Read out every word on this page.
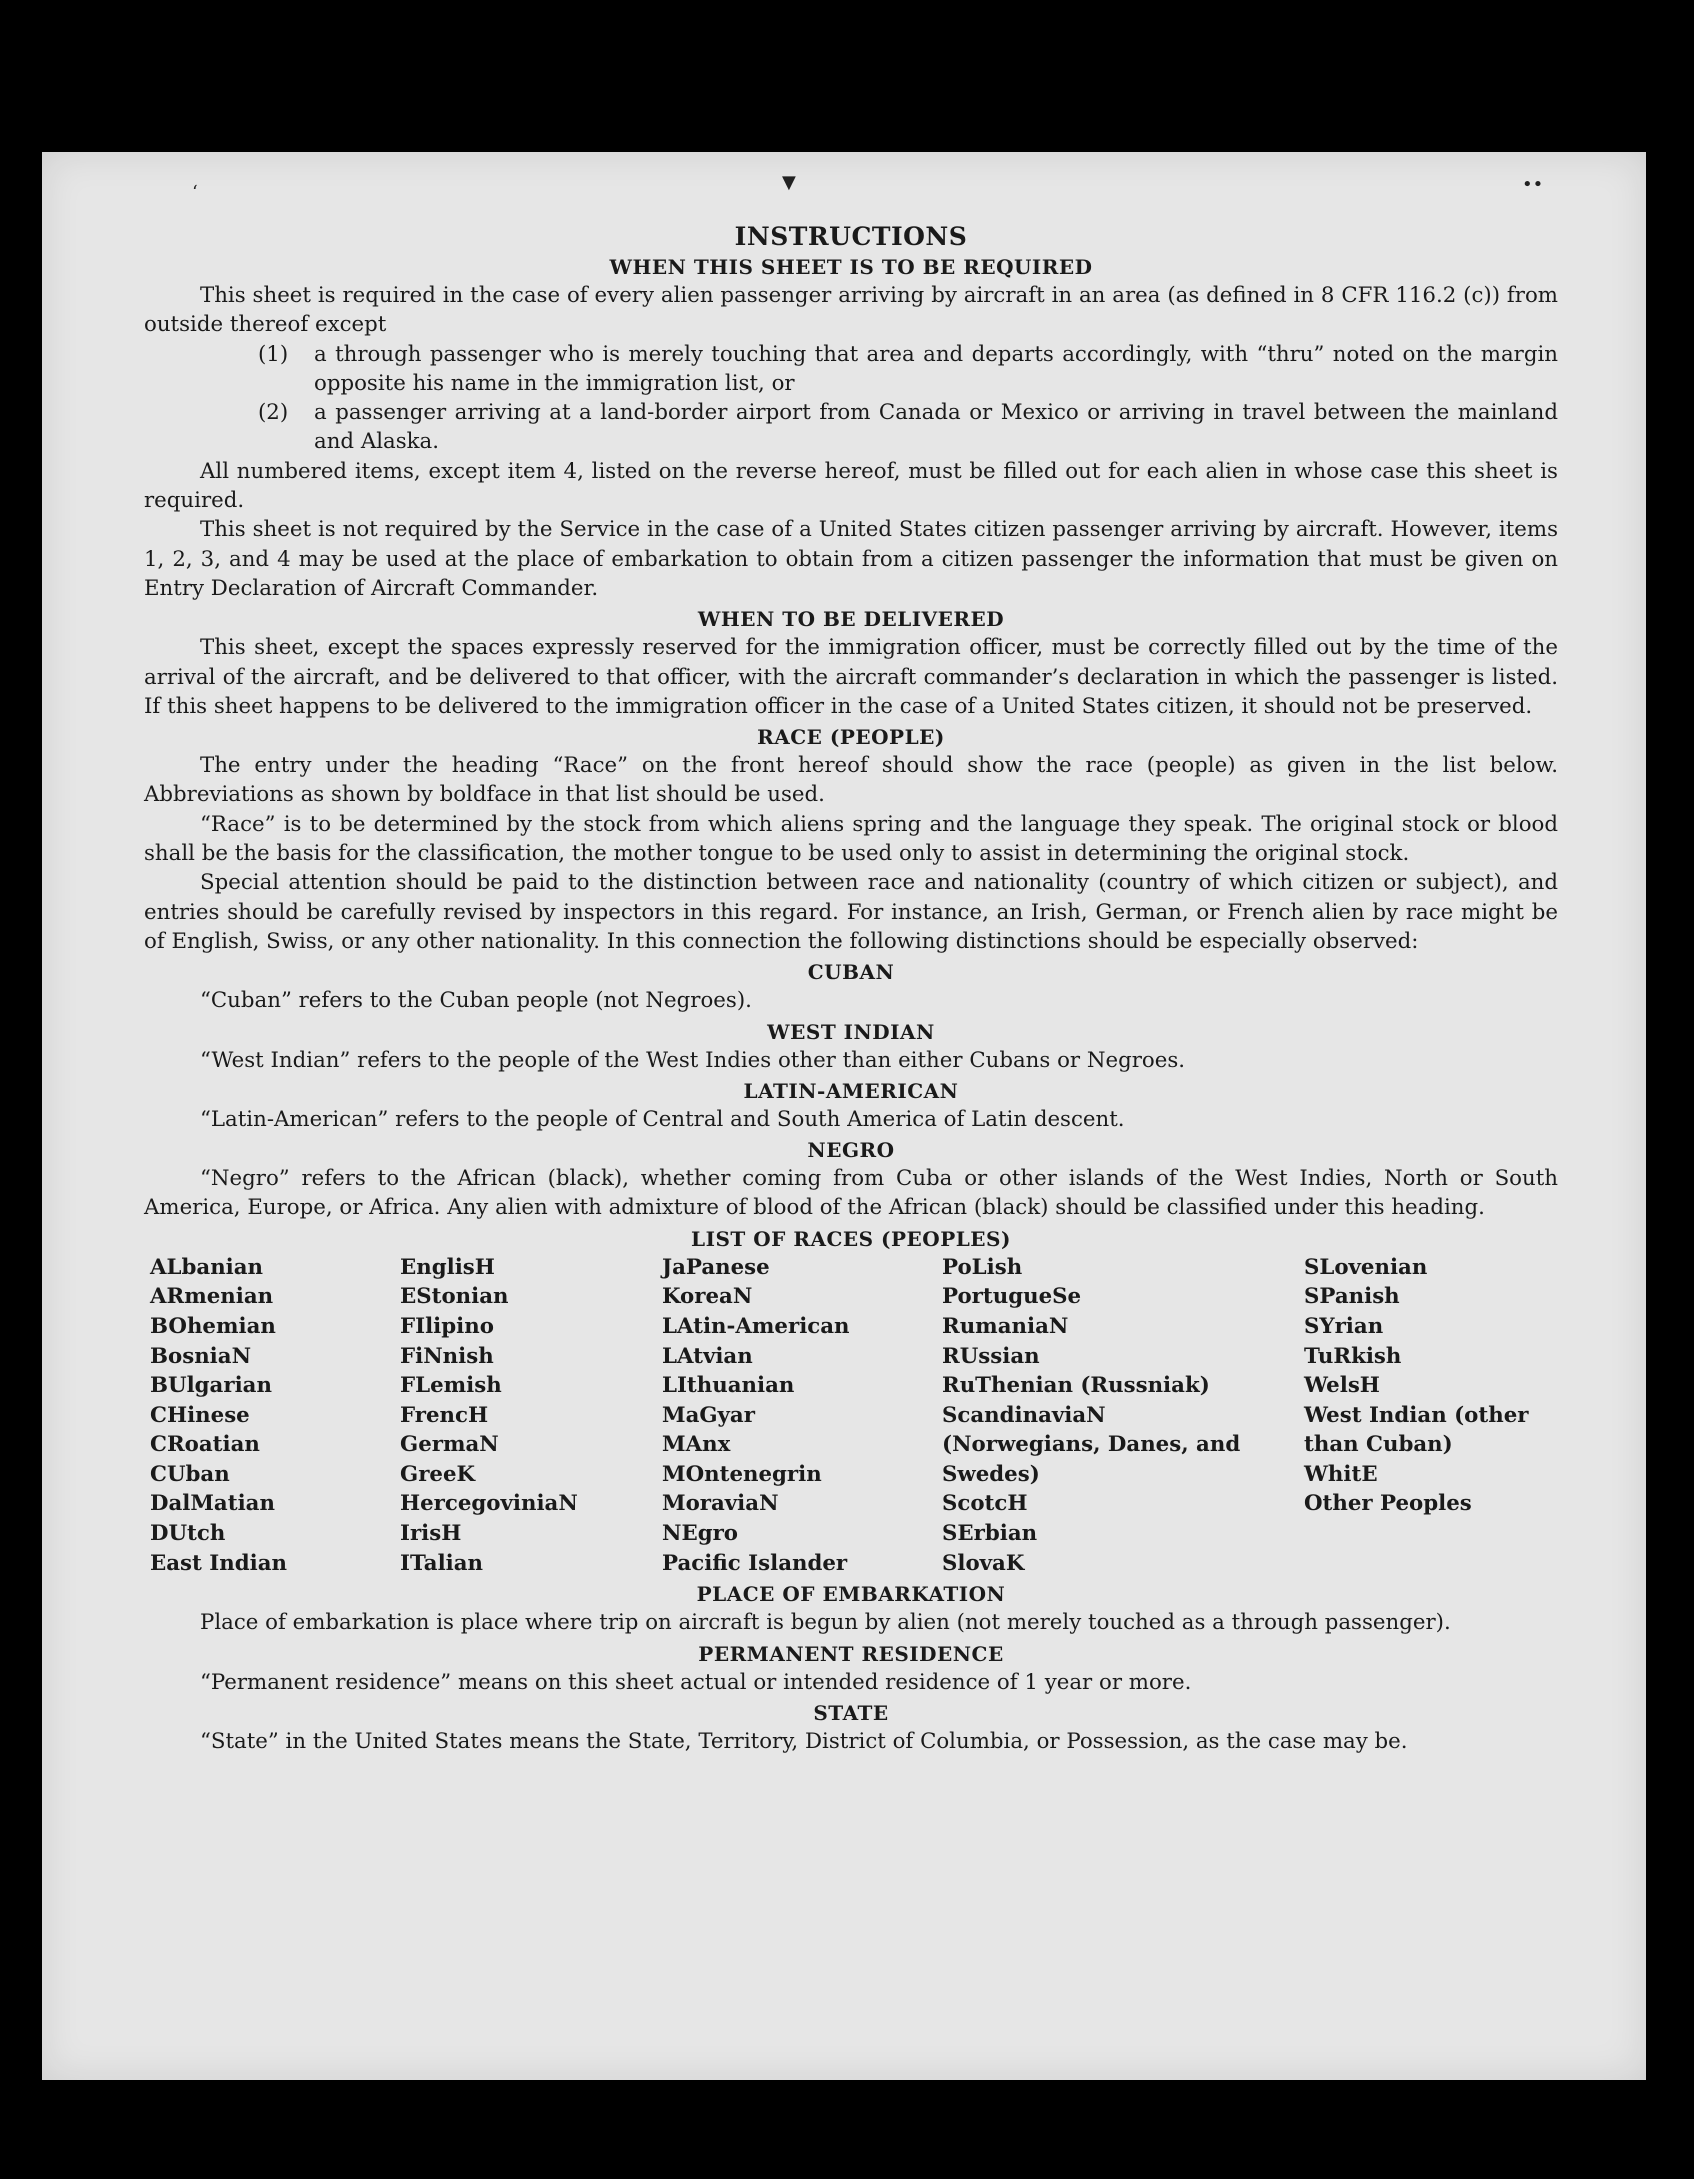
‘	▼	••
INSTRUCTIONS
WHEN THIS SHEET IS TO BE REQUIRED

This sheet is required in the case of every alien passenger arriving by aircraft in an area (as defined in 8 CFR 116.2 (c)) from outside thereof except

(1)	a through passenger who is merely touching that area and departs accordingly, with “thru” noted on the margin opposite his name in the immigration list, or
(2)	a passenger arriving at a land-border airport from Canada or Mexico or arriving in travel between the mainland and Alaska.

All numbered items, except item 4, listed on the reverse hereof, must be filled out for each alien in whose case this sheet is required.

This sheet is not required by the Service in the case of a United States citizen passenger arriving by aircraft. However, items 1, 2, 3, and 4 may be used at the place of embarkation to obtain from a citizen passenger the information that must be given on Entry Declaration of Aircraft Commander.

WHEN TO BE DELIVERED

This sheet, except the spaces expressly reserved for the immigration officer, must be correctly filled out by the time of the arrival of the aircraft, and be delivered to that officer, with the aircraft commander’s declaration in which the passenger is listed. If this sheet happens to be delivered to the immigration officer in the case of a United States citizen, it should not be preserved.

RACE (PEOPLE)

The entry under the heading “Race” on the front hereof should show the race (people) as given in the list below. Abbreviations as shown by boldface in that list should be used.

“Race” is to be determined by the stock from which aliens spring and the language they speak. The original stock or blood shall be the basis for the classification, the mother tongue to be used only to assist in determining the original stock.

Special attention should be paid to the distinction between race and nationality (country of which citizen or subject), and entries should be carefully revised by inspectors in this regard. For instance, an Irish, German, or French alien by race might be of English, Swiss, or any other nationality. In this connection the following distinctions should be especially observed:

CUBAN

“Cuban” refers to the Cuban people (not Negroes).

WEST INDIAN

“West Indian” refers to the people of the West Indies other than either Cubans or Negroes.

LATIN-AMERICAN

“Latin-American” refers to the people of Central and South America of Latin descent.

NEGRO

“Negro” refers to the African (black), whether coming from Cuba or other islands of the West Indies, North or South America, Europe, or Africa. Any alien with admixture of blood of the African (black) should be classified under this heading.

LIST OF RACES (PEOPLES)
ALbanian
ARmenian
BOhemian
BosniaN
BUlgarian
CHinese
CRoatian
CUban
DalMatian
DUtch
East Indian
EnglisH
EStonian
FIlipino
FiNnish
FLemish
FrencH
GermaN
GreeK
HercegoviniaN
IrisH
ITalian
JaPanese
KoreaN
LAtin-American
LAtvian
LIthuanian
MaGyar
MAnx
MOntenegrin
MoraviaN
NEgro
Pacific Islander
PoLish
PortugueSe
RumaniaN
RUssian
RuThenian (Russniak)
ScandinaviaN (Norwegians, Danes, and Swedes)
ScotcH
SErbian
SlovaK
SLovenian
SPanish
SYrian
TuRkish
WelsH
West Indian (other than Cuban)
WhitE
Other Peoples
PLACE OF EMBARKATION

Place of embarkation is place where trip on aircraft is begun by alien (not merely touched as a through passenger).

PERMANENT RESIDENCE

“Permanent residence” means on this sheet actual or intended residence of 1 year or more.

STATE

“State” in the United States means the State, Territory, District of Columbia, or Possession, as the case may be.
